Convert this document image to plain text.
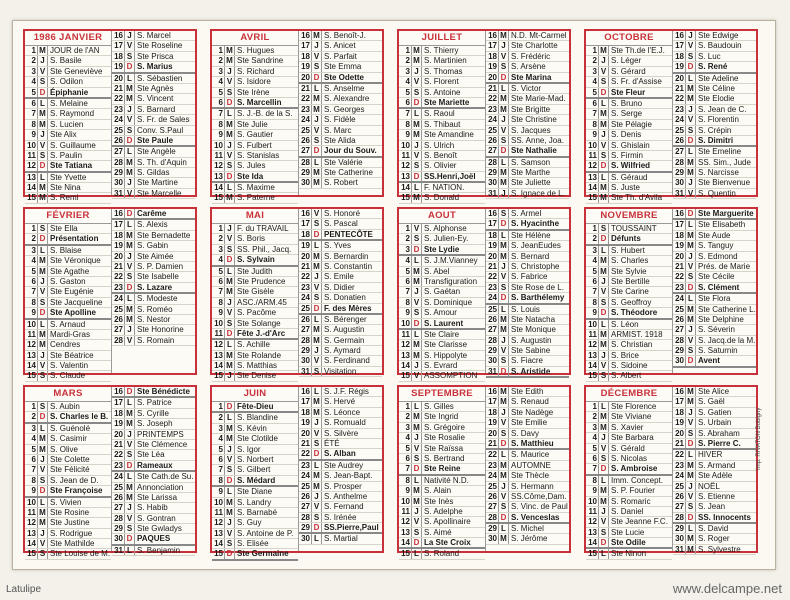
1986 JANVIER
1 M JOUR de l'AN
2 J S. Basile
3 V Ste Geneviève
4 S S. Odilon
5 D Épiphanie
6 L S. Melaine
7 M S. Raymond
8 M S. Lucien
9 J Ste Alix
10 V S. Guillaume
11 S S. Paulin
12 D Ste Tatiana
13 L Ste Yvette
14 M Ste Nina
15 M S. Remi
16 J S. Marcel
17 V Ste Roseline
18 S Ste Prisca
19 D S. Marius
20 L S. Sébastien
21 M Ste Agnès
22 M S. Vincent
23 J S. Barnard
24 V S. Fr. de Sales
25 S Conv. S.Paul
26 D Ste Paule
27 L Ste Angèle
28 M S. Th. d'Aquin
29 M S. Gildas
30 J Ste Martine
31 V Ste Marcelle
AVRIL
1 M S. Hugues
2 M Ste Sandrine
3 J S. Richard
4 V S. Isidore
5 S Ste Irène
6 D S. Marcellin
7 L S. J.-B. de la S.
8 M Ste Julie
9 M S. Gautier
10 J S. Fulbert
11 V S. Stanislas
12 S S. Jules
13 D Ste Ida
14 L S. Maxime
15 M S. Paterne
16 M S. Benoît-J.
17 J S. Anicet
18 V S. Parfait
19 S Ste Emma
20 D Ste Odette
21 L S. Anselme
22 M S. Alexandre
23 M S. Georges
24 J S. Fidèle
25 V S. Marc
26 S Ste Alida
27 D Jour du Souv.
28 L Ste Valérie
29 M Ste Catherine
30 M S. Robert
JUILLET
1 M S. Thierry
2 M S. Martinien
3 J S. Thomas
4 V S. Florent
5 S S. Antoine
6 D Ste Mariette
7 L S. Raoul
8 M S. Thibaut
9 M Ste Amandine
10 J S. Ulrich
11 V S. Benoît
12 S S. Olivier
13 D SS.Henri,Joël
14 L F. NATION.
15 M S. Donald
16 M N.D. Mt-Carmel
17 J Ste Charlotte
18 V S. Frédéric
19 S S. Arsène
20 D Ste Marina
21 L S. Victor
22 M Ste Marie-Mad.
23 M Ste Brigitte
24 J Ste Christine
25 V S. Jacques
26 S SS. Anne, Joa.
27 D Ste Nathalie
28 L S. Samson
29 M Ste Marthe
30 M Ste Juliette
31 J S. Ignace de L.
OCTOBRE
1 M Ste Th.de l'E.J.
2 J S. Léger
3 V S. Gérard
4 S S. Fr. d'Assise
5 D Ste Fleur
6 L S. Bruno
7 M S. Serge
8 M Ste Pélagie
9 J S. Denis
10 V S. Ghislain
11 S S. Firmin
12 D S. Wilfried
13 L S. Géraud
14 M S. Juste
15 M Ste Th. d'Avila
16 J Ste Edwige
17 V S. Baudouin
18 S S. Luc
19 D S. René
20 L Ste Adeline
21 M Ste Céline
22 M Ste Elodie
23 J S. Jean de C.
24 V S. Florentin
25 S S. Crépin
26 D S. Dimitri
27 L Ste Emeline
28 M SS. Sim., Jude
29 M S. Narcisse
30 J Ste Bienvenue
31 V S. Quentin
FÉVRIER
1 S Ste Ella
2 D Présentation
3 L S. Blaise
4 M Ste Véronique
5 M Ste Agathe
6 J S. Gaston
7 V Ste Eugénie
8 S Ste Jacqueline
9 D Ste Apolline
10 L S. Arnaud
11 M Mardi-Gras
12 M Cendres
13 J Ste Béatrice
14 V S. Valentin
15 S S. Claude
16 D Carême
17 L S. Alexis
18 M Ste Bernadette
19 M S. Gabin
20 J Ste Aimée
21 V S. P. Damien
22 S Ste Isabelle
23 D S. Lazare
24 L S. Modeste
25 M S. Roméo
26 M S. Nestor
27 J Ste Honorine
28 V S. Romain
MAI
1 J F. du TRAVAIL
2 V S. Boris
3 S SS. Phil., Jacq.
4 D S. Sylvain
5 L Ste Judith
6 M Ste Prudence
7 M Ste Gisèle
8 J ASC./ARM.45
9 V S. Pacôme
10 S Ste Solange
11 D Fête J.-d'Arc
12 L S. Achille
13 M Ste Rolande
14 M S. Matthias
15 J Ste Denise
16 V S. Honoré
17 S S. Pascal
18 D PENTECÔTE
19 L S. Yves
20 M S. Bernardin
21 M S. Constantin
22 J S. Emile
23 V S. Didier
24 S S. Donatien
25 D F. des Mères
26 L S. Bérenger
27 M S. Augustin
28 M S. Germain
29 J S. Aymard
30 V S. Ferdinand
31 S Visitation
AOUT
1 V S. Alphonse
2 S S. Julien-Ey.
3 D Ste Lydie
4 L S. J.M.Vianney
5 M S. Abel
6 M Transfiguration
7 J S. Gaétan
8 V S. Dominique
9 S S. Amour
10 D S. Laurent
11 L Ste Claire
12 M Ste Clarisse
13 M S. Hippolyte
14 J S. Evrard
15 V ASSOMPTION
16 S S. Armel
17 D S. Hyacinthe
18 L Ste Hélène
19 M S. JeanEudes
20 M S. Bernard
21 J S. Christophe
22 V S. Fabrice
23 S Ste Rose de L.
24 D S. Barthélemy
25 L S. Louis
26 M Ste Natacha
27 M Ste Monique
28 J S. Augustin
29 V Ste Sabine
30 S S. Fiacre
31 D S. Aristide
NOVEMBRE
1 S TOUSSAINT
2 D Défunts
3 L S. Hubert
4 M S. Charles
5 M Ste Sylvie
6 J Ste Bertille
7 V Ste Carine
8 S S. Geoffroy
9 D S. Théodore
10 L S. Léon
11 M ARMIST. 1918
12 M S. Christian
13 J S. Brice
14 V S. Sidoine
15 S S. Albert
16 D Ste Marguerite
17 L Ste Elisabeth
18 M Ste Aude
19 M S. Tanguy
20 J S. Edmond
21 V Prés. de Marie
22 S Ste Cécile
23 D S. Clément
24 L Ste Flora
25 M Ste Catherine L.
26 M Ste Delphine
27 J S. Séverin
28 V S. Jacq.de la M.
29 S S. Saturnin
30 D Avent
MARS
1 S S. Aubin
2 D S. Charles le B.
3 L S. Guénolé
4 M S. Casimir
5 M S. Olive
6 J Ste Colette
7 V Ste Félicité
8 S S. Jean de D.
9 D Ste Françoise
10 L S. Vivien
11 M Ste Rosine
12 M Ste Justine
13 J S. Rodrigue
14 V Ste Mathilde
15 S Ste Louise de M.
16 D Ste Bénédicte
17 L S. Patrice
18 M S. Cyrille
19 M S. Joseph
20 J PRINTEMPS
21 V Ste Clémence
22 S Ste Léa
23 D Rameaux
24 L Ste Cath.de Su.
25 M Annonciation
26 M Ste Larissa
27 J S. Habib
28 V S. Gontran
29 S Ste Gwladys
30 D PAQUES
31 L S. Benjamin
JUIN
1 D Fête-Dieu
2 L S. Blandine
3 M S. Kévin
4 M Ste Clotilde
5 J S. Igor
6 V S. Norbert
7 S S. Gilbert
8 D S. Médard
9 L Ste Diane
10 M S. Landry
11 M S. Barnabé
12 J S. Guy
13 V S. Antoine de P.
14 S S. Elisée
15 D Ste Germaine
16 L S. J.F. Régis
17 M S. Hervé
18 M S. Léonce
19 J S. Romuald
20 V S. Silvère
21 S ÉTÉ
22 D S. Alban
23 L Ste Audrey
24 M S. Jean-Bapt.
25 M S. Prosper
26 J S. Anthelme
27 V S. Fernand
28 S S. Irénée
29 D SS.Pierre,Paul
30 L S. Martial
SEPTEMBRE
1 L S. Gilles
2 M Ste Ingrid
3 M S. Grégoire
4 J Ste Rosalie
5 V Ste Raïssa
6 S S. Bertrand
7 D Ste Reine
8 L Nativité N.D.
9 M S. Alain
10 M Ste Inès
11 J S. Adelphe
12 V S. Apollinaire
13 S S. Aimé
14 D La Ste Croix
15 L S. Roland
16 M Ste Edith
17 M S. Renaud
18 J Ste Nadège
19 V Ste Emilie
20 S S. Davy
21 D S. Matthieu
22 L S. Maurice
23 M AUTOMNE
24 M Ste Thècle
25 J S. Hermann
26 V SS.Côme,Dam.
27 S S. Vinc. de Paul
28 D S. Venceslas
29 L S. Michel
30 M S. Jérôme
DÉCEMBRE
1 L Ste Florence
2 M Ste Viviane
3 M S. Xavier
4 J Ste Barbara
5 V S. Gérald
6 S S. Nicolas
7 D S. Ambroise
8 L Imm. Concept.
9 M S. P. Fourier
10 M S. Romaric
11 J S. Daniel
12 V Ste Jeanne F.C.
13 S Ste Lucie
14 D Ste Odile
15 L Ste Ninon
16 M Ste Alice
17 M S. Gaël
18 J S. Gatien
19 V S. Urbain
20 S S. Abraham
21 D S. Pierre C.
22 L HIVER
23 M S. Armand
24 M Ste Adèle
25 J NOËL
26 V S. Etienne
27 S S. Jean
28 D SS. Innocents
29 L S. David
30 M S. Roger
31 M S. Sylvestre
Imp. RIVATON Bobigny
Latulipe	www.delcampe.net
